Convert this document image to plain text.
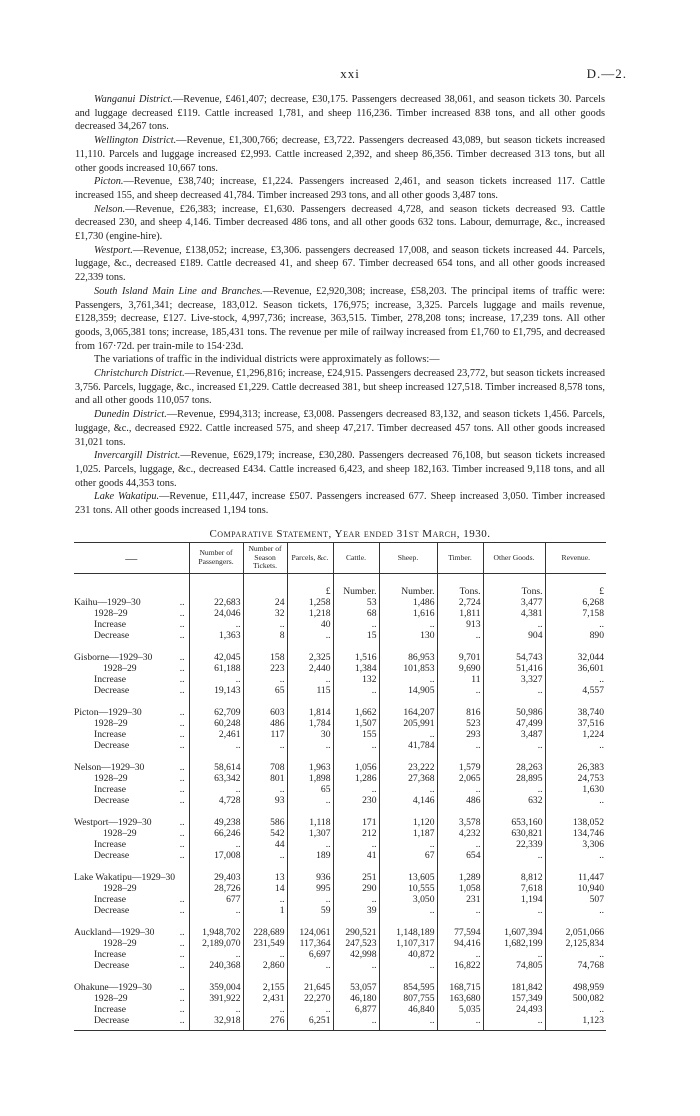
xxi	D.—2.

Wanganui District.—Revenue, £461,407; decrease, £30,175. Passengers decreased 38,061, and season tickets 30. Parcels and luggage decreased £119. Cattle increased 1,781, and sheep 116,236. Timber increased 838 tons, and all other goods decreased 34,267 tons.

Wellington District.—Revenue, £1,300,766; decrease, £3,722. Passengers decreased 43,089, but season tickets increased 11,110. Parcels and luggage increased £2,993. Cattle increased 2,392, and sheep 86,356. Timber decreased 313 tons, but all other goods increased 10,667 tons.

Picton.—Revenue, £38,740; increase, £1,224. Passengers increased 2,461, and season tickets increased 117. Cattle increased 155, and sheep decreased 41,784. Timber increased 293 tons, and all other goods 3,487 tons.

Nelson.—Revenue, £26,383; increase, £1,630. Passengers decreased 4,728, and season tickets decreased 93. Cattle decreased 230, and sheep 4,146. Timber decreased 486 tons, and all other goods 632 tons. Labour, demurrage, &c., increased £1,730 (engine-hire).

Westport.—Revenue, £138,052; increase, £3,306. passengers decreased 17,008, and season tickets increased 44. Parcels, luggage, &c., decreased £189. Cattle decreased 41, and sheep 67. Timber decreased 654 tons, and all other goods increased 22,339 tons.

South Island Main Line and Branches.—Revenue, £2,920,308; increase, £58,203. The principal items of traffic were: Passengers, 3,761,341; decrease, 183,012. Season tickets, 176,975; increase, 3,325. Parcels luggage and mails revenue, £128,359; decrease, £127. Live-stock, 4,997,736; increase, 363,515. Timber, 278,208 tons; increase, 17,239 tons. All other goods, 3,065,381 tons; increase, 185,431 tons. The revenue per mile of railway increased from £1,760 to £1,795, and decreased from 167·72d. per train-mile to 154·23d.

The variations of traffic in the individual districts were approximately as follows:—

Christchurch District.—Revenue, £1,296,816; increase, £24,915. Passengers decreased 23,772, but season tickets increased 3,756. Parcels, luggage, &c., increased £1,229. Cattle decreased 381, but sheep increased 127,518. Timber increased 8,578 tons, and all other goods 110,057 tons.

Dunedin District.—Revenue, £994,313; increase, £3,008. Passengers decreased 83,132, and season tickets 1,456. Parcels, luggage, &c., decreased £922. Cattle increased 575, and sheep 47,217. Timber decreased 457 tons. All other goods increased 31,021 tons.

Invercargill District.—Revenue, £629,179; increase, £30,280. Passengers decreased 76,108, but season tickets increased 1,025. Parcels, luggage, &c., decreased £434. Cattle increased 6,423, and sheep 182,163. Timber increased 9,118 tons, and all other goods 44,353 tons.

Lake Wakatipu.—Revenue, £11,447, increase £507. Passengers increased 677. Sheep increased 3,050. Timber increased 231 tons. All other goods increased 1,194 tons.

Comparative Statement, Year ended 31st March, 1930.
—	Number of Passengers.	Number of Season Tickets.	Parcels, &c.	Cattle.	Sheep.	Timber.	Other Goods.	Revenue.
			£	Number.	Number.	Tons.	Tons.	£
Kaihu—1929–30 ..	22,683	24	1,258	53	1,486	2,724	3,477	6,268
1928–29 ..	24,046	32	1,218	68	1,616	1,811	4,381	7,158
Increase ..	..	..	40	..	..	913	..	..
Decrease ..	1,363	8	..	15	130	..	904	890
Gisborne—1929–30 ..	42,045	158	2,325	1,516	86,953	9,701	54,743	32,044
1928–29 ..	61,188	223	2,440	1,384	101,853	9,690	51,416	36,601
Increase ..	..	..	..	132	..	11	3,327	..
Decrease ..	19,143	65	115	..	14,905	..	..	4,557
Picton—1929–30 ..	62,709	603	1,814	1,662	164,207	816	50,986	38,740
1928–29 ..	60,248	486	1,784	1,507	205,991	523	47,499	37,516
Increase ..	2,461	117	30	155	..	293	3,487	1,224
Decrease ..	..	..	..	..	41,784	..	..	..
Nelson—1929–30 ..	58,614	708	1,963	1,056	23,222	1,579	28,263	26,383
1928–29 ..	63,342	801	1,898	1,286	27,368	2,065	28,895	24,753
Increase ..	..	..	65	..	..	..	..	1,630
Decrease ..	4,728	93	..	230	4,146	486	632	..
Westport—1929–30 ..	49,238	586	1,118	171	1,120	3,578	653,160	138,052
1928–29 ..	66,246	542	1,307	212	1,187	4,232	630,821	134,746
Increase ..	..	44	..	..	..	..	22,339	3,306
Decrease ..	17,008	..	189	41	67	654	..	..
Lake Wakatipu—1929–30	29,403	13	936	251	13,605	1,289	8,812	11,447
1928–29	28,726	14	995	290	10,555	1,058	7,618	10,940
Increase ..	677	..	..	..	3,050	231	1,194	507
Decrease ..	..	1	59	39	..	..	..	..
Auckland—1929–30 ..	1,948,702	228,689	124,061	290,521	1,148,189	77,594	1,607,394	2,051,066
1928–29 ..	2,189,070	231,549	117,364	247,523	1,107,317	94,416	1,682,199	2,125,834
Increase ..	..	..	6,697	42,998	40,872	..	..	..
Decrease ..	240,368	2,860	..	..	..	16,822	74,805	74,768
Ohakune—1929–30 ..	359,004	2,155	21,645	53,057	854,595	168,715	181,842	498,959
1928–29 ..	391,922	2,431	22,270	46,180	807,755	163,680	157,349	500,082
Increase ..	..	..	..	6,877	46,840	5,035	24,493	..
Decrease ..	32,918	276	6,251	..	..	..	..	1,123
